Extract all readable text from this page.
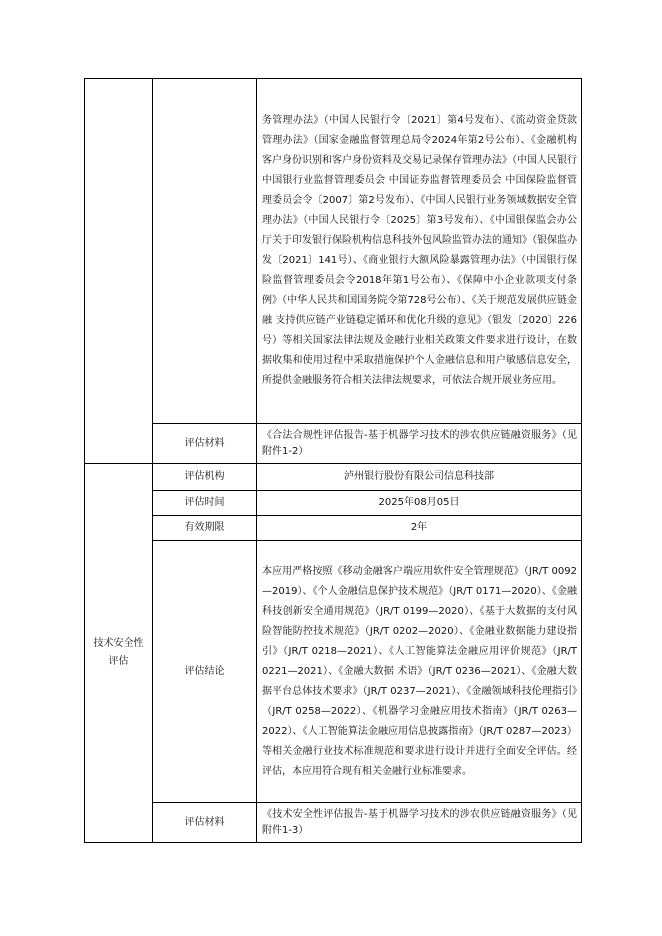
		务管理办法》（中国人民银行令〔2021〕第4号发布）、《流动资金贷款管理办法》（国家金融监督管理总局令2024年第2号公布）、《金融机构客户身份识别和客户身份资料及交易记录保存管理办法》（中国人民银行 中国银行业监督管理委员会 中国证券监督管理委员会 中国保险监督管理委员会令〔2007〕第2号发布）、《中国人民银行业务领域数据安全管理办法》（中国人民银行令〔2025〕第3号发布）、《中国银保监会办公厅关于印发银行保险机构信息科技外包风险监管办法的通知》（银保监办发〔2021〕141号）、《商业银行大额风险暴露管理办法》（中国银行保险监督管理委员会令2018年第1号公布）、《保障中小企业款项支付条例》（中华人民共和国国务院令第728号公布）、《关于规范发展供应链金融 支持供应链产业链稳定循环和优化升级的意见》（银发〔2020〕226号）等相关国家法律法规及金融行业相关政策文件要求进行设计，在数据收集和使用过程中采取措施保护个人金融信息和用户敏感信息安全，所提供金融服务符合相关法律法规要求，可依法合规开展业务应用。

	评估材料	《合法合规性评估报告-基于机器学习技术的涉农供应链融资服务》（见附件1-2）

技术安全性评估	评估机构	泸州银行股份有限公司信息科技部
	评估时间	2025年08月05日
	有效期限	2年
	评估结论	本应用严格按照《移动金融客户端应用软件安全管理规范》（JR/T 0092—2019）、《个人金融信息保护技术规范》（JR/T 0171—2020）、《金融科技创新安全通用规范》（JR/T 0199—2020）、《基于大数据的支付风险智能防控技术规范》（JR/T 0202—2020）、《金融业数据能力建设指引》（JR/T 0218—2021）、《人工智能算法金融应用评价规范》（JR/T 0221—2021）、《金融大数据 术语》（JR/T 0236—2021）、《金融大数据平台总体技术要求》（JR/T 0237—2021）、《金融领域科技伦理指引》（JR/T 0258—2022）、《机器学习金融应用技术指南》（JR/T 0263—2022）、《人工智能算法金融应用信息披露指南》（JR/T 0287—2023）等相关金融行业技术标准规范和要求进行设计并进行全面安全评估。经评估，本应用符合现有相关金融行业标准要求。

	评估材料	《技术安全性评估报告-基于机器学习技术的涉农供应链融资服务》（见附件1-3）
